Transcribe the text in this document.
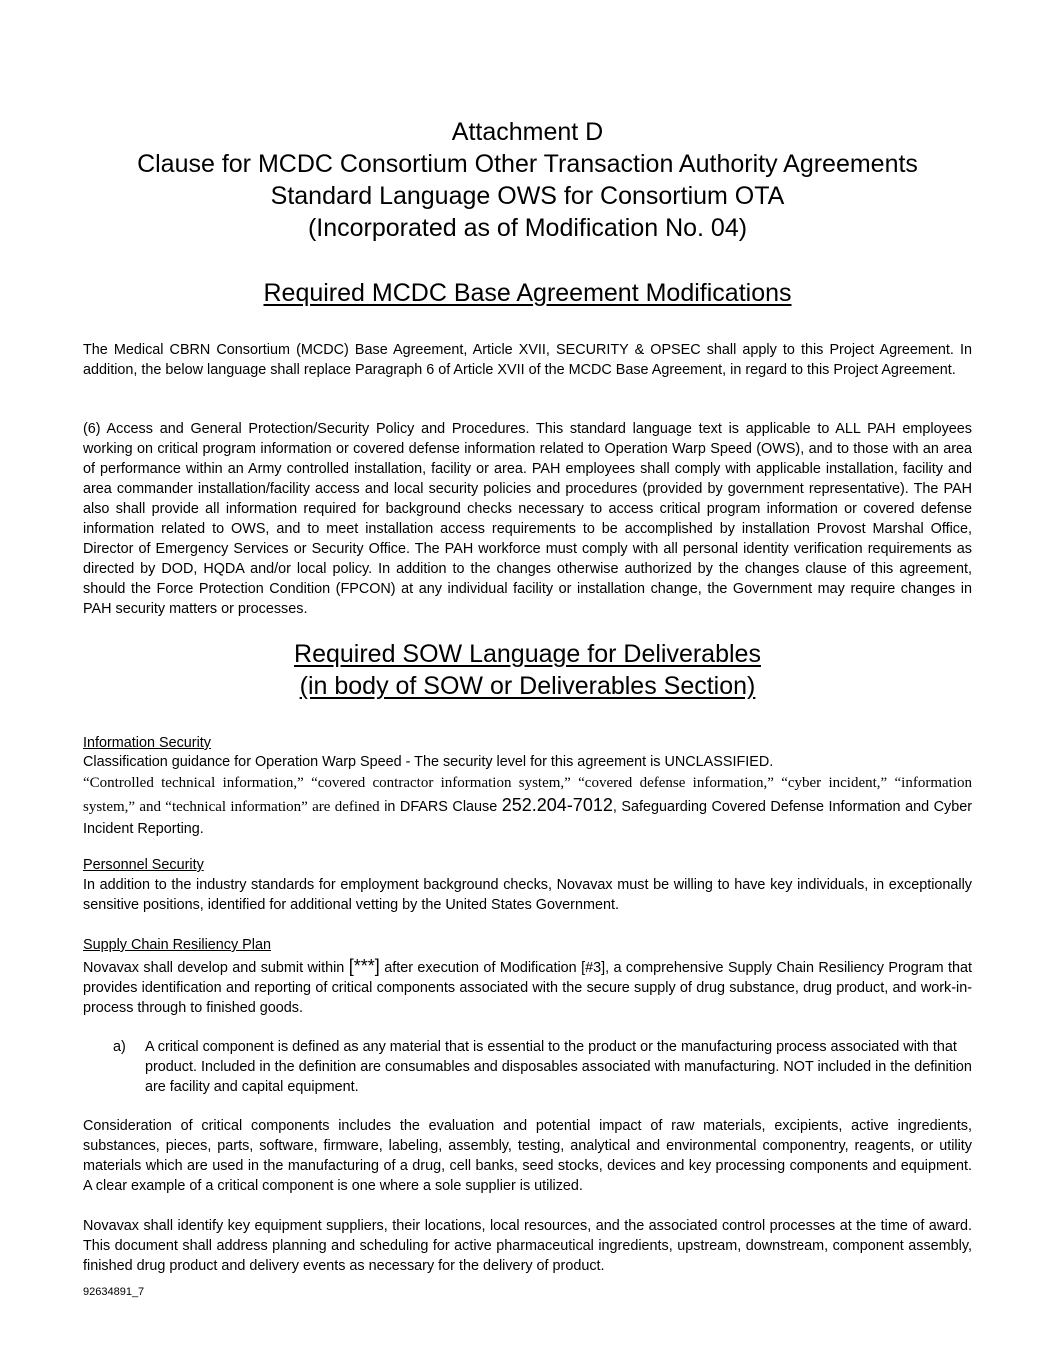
Attachment D
Clause for MCDC Consortium Other Transaction Authority Agreements
Standard Language OWS for Consortium OTA
(Incorporated as of Modification No. 04)
Required MCDC Base Agreement Modifications

The Medical CBRN Consortium (MCDC) Base Agreement, Article XVII, SECURITY & OPSEC shall apply to this Project Agreement. In addition, the below language shall replace Paragraph 6 of Article XVII of the MCDC Base Agreement, in regard to this Project Agreement.

(6) Access and General Protection/Security Policy and Procedures. This standard language text is applicable to ALL PAH employees working on critical program information or covered defense information related to Operation Warp Speed (OWS), and to those with an area of performance within an Army controlled installation, facility or area. PAH employees shall comply with applicable installation, facility and area commander installation/facility access and local security policies and procedures (provided by government representative). The PAH also shall provide all information required for background checks necessary to access critical program information or covered defense information related to OWS, and to meet installation access requirements to be accomplished by installation Provost Marshal Office, Director of Emergency Services or Security Office. The PAH workforce must comply with all personal identity verification requirements as directed by DOD, HQDA and/or local policy. In addition to the changes otherwise authorized by the changes clause of this agreement, should the Force Protection Condition (FPCON) at any individual facility or installation change, the Government may require changes in PAH security matters or processes.

Required SOW Language for Deliverables
(in body of SOW or Deliverables Section)
Information Security

Classification guidance for Operation Warp Speed - The security level for this agreement is UNCLASSIFIED.

“Controlled technical information,” “covered contractor information system,” “covered defense information,” “cyber incident,” “information system,” and “technical information” are defined in DFARS Clause 252.204-7012, Safeguarding Covered Defense Information and Cyber Incident Reporting.

Personnel Security

In addition to the industry standards for employment background checks, Novavax must be willing to have key individuals, in exceptionally sensitive positions, identified for additional vetting by the United States Government.

Supply Chain Resiliency Plan

Novavax shall develop and submit within [***] after execution of Modification [#3], a comprehensive Supply Chain Resiliency Program that provides identification and reporting of critical components associated with the secure supply of drug substance, drug product, and work-in-process through to finished goods.

a) A critical component is defined as any material that is essential to the product or the manufacturing process associated with that product. Included in the definition are consumables and disposables associated with manufacturing. NOT included in the definition are facility and capital equipment.

Consideration of critical components includes the evaluation and potential impact of raw materials, excipients, active ingredients, substances, pieces, parts, software, firmware, labeling, assembly, testing, analytical and environmental componentry, reagents, or utility materials which are used in the manufacturing of a drug, cell banks, seed stocks, devices and key processing components and equipment. A clear example of a critical component is one where a sole supplier is utilized.

Novavax shall identify key equipment suppliers, their locations, local resources, and the associated control processes at the time of award. This document shall address planning and scheduling for active pharmaceutical ingredients, upstream, downstream, component assembly, finished drug product and delivery events as necessary for the delivery of product.

92634891_7
